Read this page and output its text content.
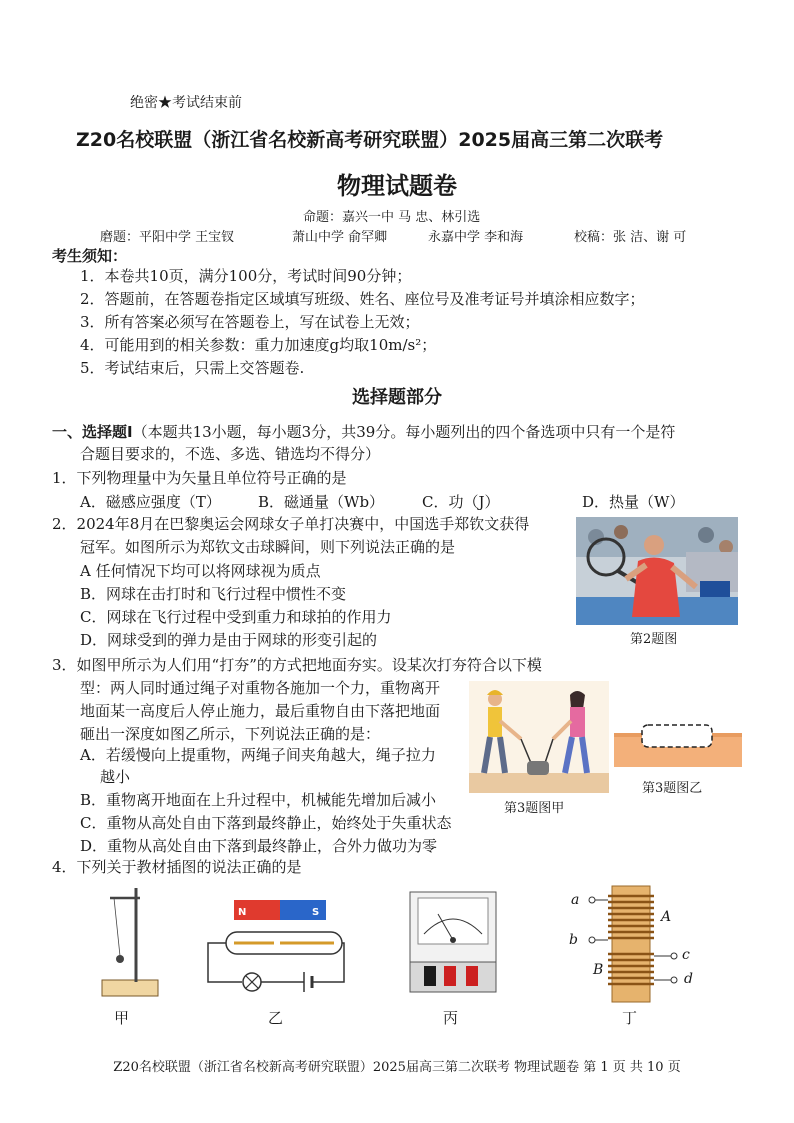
绝密★考试结束前
Z20名校联盟（浙江省名校新高考研究联盟）2025届高三第二次联考
物理试题卷
命题：嘉兴一中 马 忠、林引选
磨题：平阳中学 王宝钗	萧山中学 俞罕卿	永嘉中学 李和海	校稿：张 洁、谢 可
考生须知：
1．本卷共10页，满分100分，考试时间90分钟；
2．答题前，在答题卷指定区域填写班级、姓名、座位号及准考证号并填涂相应数字；
3．所有答案必须写在答题卷上，写在试卷上无效；
4．可能用到的相关参数：重力加速度g均取10m/s²；
5．考试结束后，只需上交答题卷.
选择题部分
一、选择题Ⅰ（本题共13小题，每小题3分，共39分。每小题列出的四个备选项中只有一个是符
合题目要求的，不选、多选、错选均不得分）
1．下列物理量中为矢量且单位符号正确的是
A．磁感应强度（T） B．磁通量（Wb）	C．功（J）	D．热量（W）
2．2024年8月在巴黎奥运会网球女子单打决赛中，中国选手郑钦文获得
冠军。如图所示为郑钦文击球瞬间，则下列说法正确的是
A 任何情况下均可以将网球视为质点
B．网球在击打时和飞行过程中惯性不变
C．网球在飞行过程中受到重力和球拍的作用力
D．网球受到的弹力是由于网球的形变引起的	第2题图
3．如图甲所示为人们用“打夯”的方式把地面夯实。设某次打夯符合以下模
型：两人同时通过绳子对重物各施加一个力，重物离开
地面某一高度后人停止施力，最后重物自由下落把地面
砸出一深度如图乙所示，下列说法正确的是：
A．若缓慢向上提重物，两绳子间夹角越大，绳子拉力
越小
B．重物离开地面在上升过程中，机械能先增加后减小
C．重物从高处自由下落到最终静止，始终处于失重状态
D．重物从高处自由下落到最终静止，合外力做功为零
第3题图甲
第3题图乙
4．下列关于教材插图的说法正确的是
甲
N	S
乙	丙
a
b
c
d
A
B
丁
Z20名校联盟（浙江省名校新高考研究联盟）2025届高三第二次联考 物理试题卷 第 1 页 共 10 页
